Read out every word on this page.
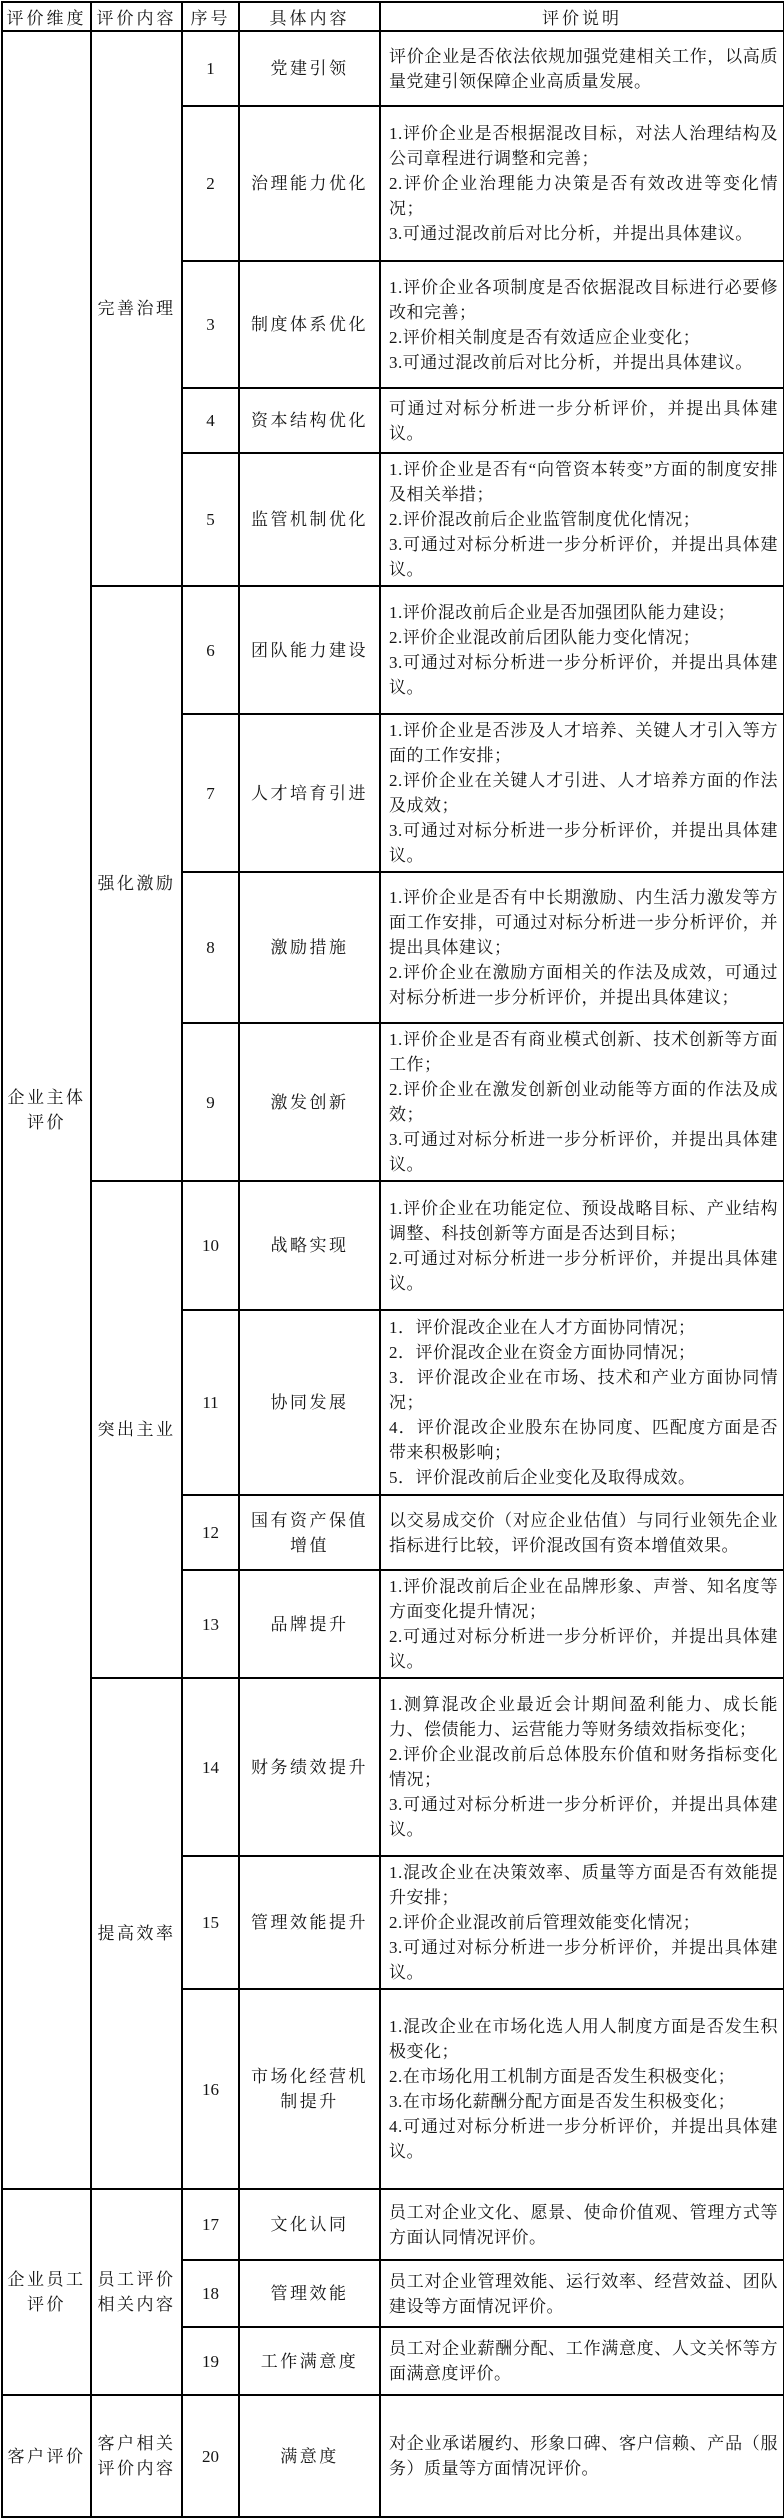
评价维度	评价内容	序号	具体内容	评价说明
企业主体评价	完善治理	1	党建引领	评价企业是否依法依规加强党建相关工作，以高质量党建引领保障企业高质量发展。

		2	治理能力优化	1.评价企业是否根据混改目标，对法人治理结构及公司章程进行调整和完善；
2.评价企业治理能力决策是否有效改进等变化情况；
3.可通过混改前后对比分析，并提出具体建议。

		3	制度体系优化	1.评价企业各项制度是否依据混改目标进行必要修改和完善；
2.评价相关制度是否有效适应企业变化；
3.可通过混改前后对比分析，并提出具体建议。

		4	资本结构优化	可通过对标分析进一步分析评价，并提出具体建议。

		5	监管机制优化	1.评价企业是否有“向管资本转变”方面的制度安排及相关举措；
2.评价混改前后企业监管制度优化情况；
3.可通过对标分析进一步分析评价，并提出具体建议。

	强化激励	6	团队能力建设	1.评价混改前后企业是否加强团队能力建设；
2.评价企业混改前后团队能力变化情况；
3.可通过对标分析进一步分析评价，并提出具体建议。

		7	人才培育引进	1.评价企业是否涉及人才培养、关键人才引入等方面的工作安排；
2.评价企业在关键人才引进、人才培养方面的作法及成效；
3.可通过对标分析进一步分析评价，并提出具体建议。

		8	激励措施	1.评价企业是否有中长期激励、内生活力激发等方面工作安排，可通过对标分析进一步分析评价，并提出具体建议；
2.评价企业在激励方面相关的作法及成效，可通过对标分析进一步分析评价，并提出具体建议；

		9	激发创新	1.评价企业是否有商业模式创新、技术创新等方面工作；
2.评价企业在激发创新创业动能等方面的作法及成效；
3.可通过对标分析进一步分析评价，并提出具体建议。

	突出主业	10	战略实现	1.评价企业在功能定位、预设战略目标、产业结构调整、科技创新等方面是否达到目标；
2.可通过对标分析进一步分析评价，并提出具体建议。

		11	协同发展	1．评价混改企业在人才方面协同情况；
2．评价混改企业在资金方面协同情况；
3．评价混改企业在市场、技术和产业方面协同情况；
4．评价混改企业股东在协同度、匹配度方面是否带来积极影响；
5．评价混改前后企业变化及取得成效。

		12	国有资产保值增值	以交易成交价（对应企业估值）与同行业领先企业指标进行比较，评价混改国有资本增值效果。

		13	品牌提升	1.评价混改前后企业在品牌形象、声誉、知名度等方面变化提升情况；
2.可通过对标分析进一步分析评价，并提出具体建议。

	提高效率	14	财务绩效提升	1.测算混改企业最近会计期间盈利能力、成长能力、偿债能力、运营能力等财务绩效指标变化；
2.评价企业混改前后总体股东价值和财务指标变化情况；
3.可通过对标分析进一步分析评价，并提出具体建议。

		15	管理效能提升	1.混改企业在决策效率、质量等方面是否有效能提升安排；
2.评价企业混改前后管理效能变化情况；
3.可通过对标分析进一步分析评价，并提出具体建议。

		16	市场化经营机制提升	1.混改企业在市场化选人用人制度方面是否发生积极变化；
2.在市场化用工机制方面是否发生积极变化；
3.在市场化薪酬分配方面是否发生积极变化；
4.可通过对标分析进一步分析评价，并提出具体建议。

企业员工评价	员工评价相关内容	17	文化认同	员工对企业文化、愿景、使命价值观、管理方式等方面认同情况评价。

		18	管理效能	员工对企业管理效能、运行效率、经营效益、团队建设等方面情况评价。

		19	工作满意度	员工对企业薪酬分配、工作满意度、人文关怀等方面满意度评价。

客户评价	客户相关评价内容	20	满意度	对企业承诺履约、形象口碑、客户信赖、产品（服务）质量等方面情况评价。
